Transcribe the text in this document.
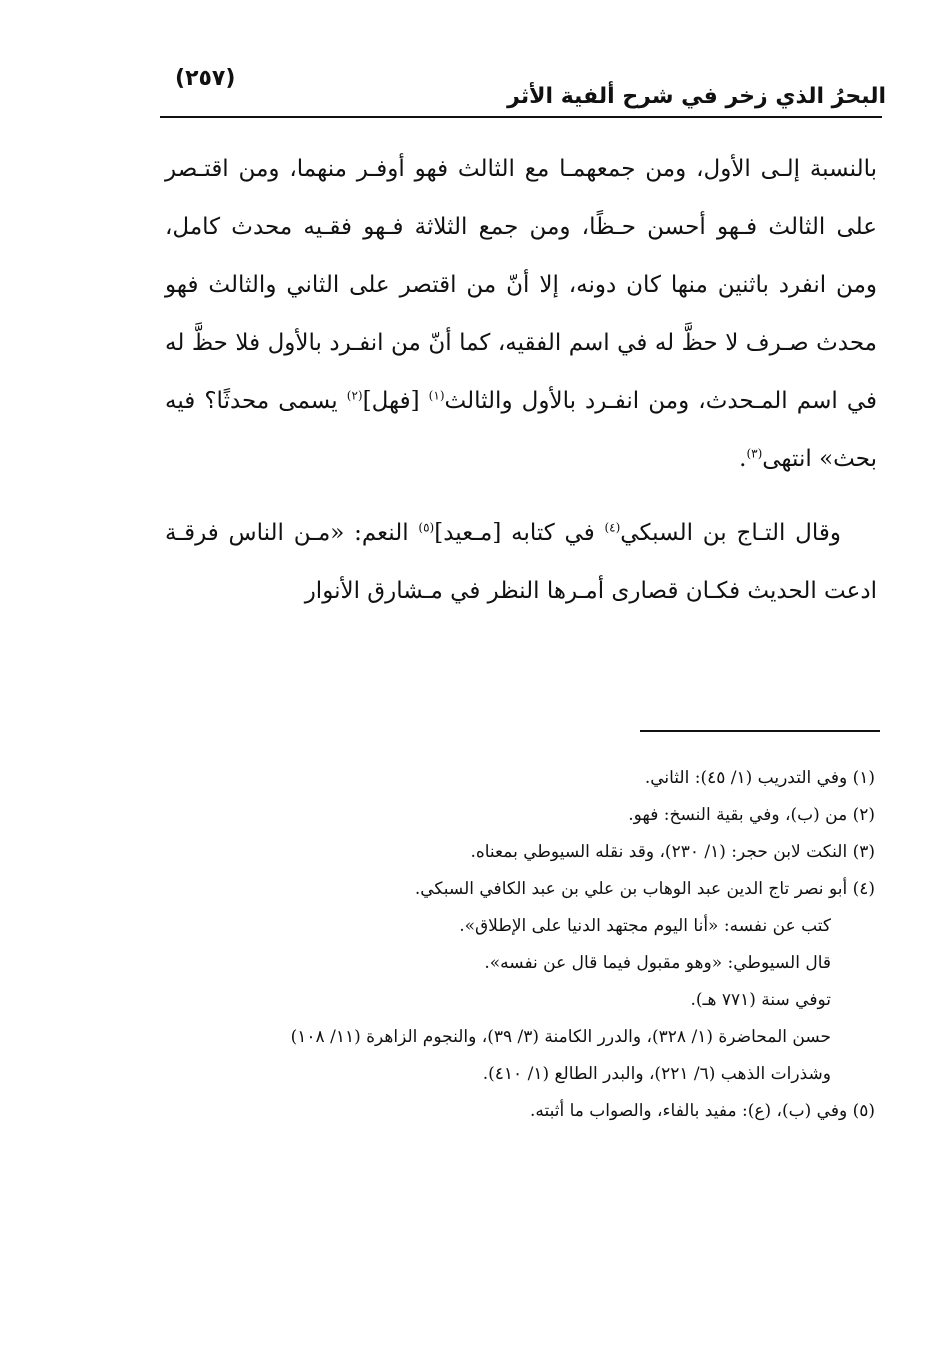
(٢٥٧)
البحرُ الذي زخر في شرح ألفية الأثر

بالنسبة إلـى الأول، ومن جمعهمـا مع الثالث فهو أوفـر منهما، ومن اقتـصر على الثالث فـهو أحسن حـظًا، ومن جمع الثلاثة فـهو فقـيه محدث كامل، ومن انفرد باثنين منها كان دونه، إلا أنّ من اقتصر على الثاني والثالث فهو محدث صـرف لا حظَّ له في اسم الفقيه، كما أنّ من انفـرد بالأول فلا حظَّ له في اسم المـحدث، ومن انفـرد بالأول والثالث$^{(١)}$ [فهل]$^{(٢)}$ يسمى محدثًا؟ فيه بحث» انتهى$^{(٣)}$.

وقال التـاج بن السبكي$^{(٤)}$ في كتابه [مـعيد]$^{(٥)}$ النعم: «مـن الناس فرقـة ادعت الحديث فكـان قصارى أمـرها النظر في مـشارق الأنوار

(١) وفي التدريب (١/ ٤٥): الثاني.
(٢) من (ب)، وفي بقية النسخ: فهو.
(٣) النكت لابن حجر: (١/ ٢٣٠)، وقد نقله السيوطي بمعناه.
(٤) أبو نصر تاج الدين عبد الوهاب بن علي بن عبد الكافي السبكي.
كتب عن نفسه: «أنا اليوم مجتهد الدنيا على الإطلاق».
قال السيوطي: «وهو مقبول فيما قال عن نفسه».
توفي سنة (٧٧١ هـ).
حسن المحاضرة (١/ ٣٢٨)، والدرر الكامنة (٣/ ٣٩)، والنجوم الزاهرة (١١/ ١٠٨)
وشذرات الذهب (٦/ ٢٢١)، والبدر الطالع (١/ ٤١٠).
(٥) وفي (ب)، (ع): مفيد بالفاء، والصواب ما أثبته.
